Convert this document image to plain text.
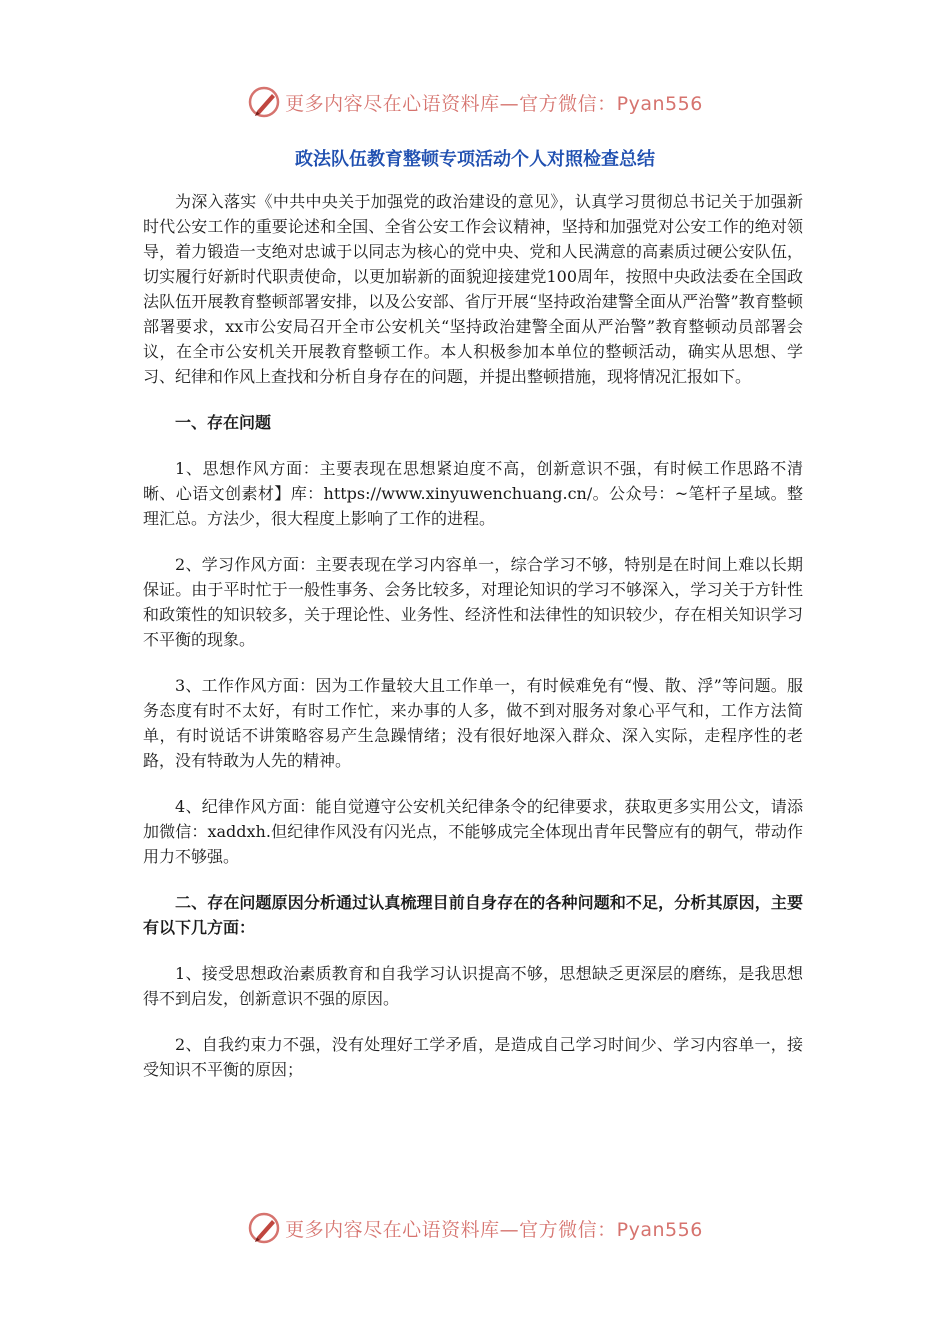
更多内容尽在心语资料库—官方微信：Pyan556
政法队伍教育整顿专项活动个人对照检查总结

为深入落实《中共中央关于加强党的政治建设的意见》，认真学习贯彻总书记关于加强新时代公安工作的重要论述和全国、全省公安工作会议精神，坚持和加强党对公安工作的绝对领导，着力锻造一支绝对忠诚于以同志为核心的党中央、党和人民满意的高素质过硬公安队伍，切实履行好新时代职责使命，以更加崭新的面貌迎接建党100周年，按照中央政法委在全国政法队伍开展教育整顿部署安排，以及公安部、省厅开展“坚持政治建警全面从严治警”教育整顿部署要求，xx市公安局召开全市公安机关“坚持政治建警全面从严治警”教育整顿动员部署会议，在全市公安机关开展教育整顿工作。本人积极参加本单位的整顿活动，确实从思想、学习、纪律和作风上查找和分析自身存在的问题，并提出整顿措施，现将情况汇报如下。

一、存在问题

1、思想作风方面：主要表现在思想紧迫度不高，创新意识不强，有时候工作思路不清晰、心语文创素材】库：https://www.xinyuwenchuang.cn/。公众号：~笔杆子星域。整理汇总。方法少，很大程度上影响了工作的进程。

2、学习作风方面：主要表现在学习内容单一，综合学习不够，特别是在时间上难以长期保证。由于平时忙于一般性事务、会务比较多，对理论知识的学习不够深入，学习关于方针性和政策性的知识较多，关于理论性、业务性、经济性和法律性的知识较少，存在相关知识学习不平衡的现象。

3、工作作风方面：因为工作量较大且工作单一，有时候难免有“慢、散、浮”等问题。服务态度有时不太好，有时工作忙，来办事的人多，做不到对服务对象心平气和，工作方法简单，有时说话不讲策略容易产生急躁情绪；没有很好地深入群众、深入实际，走程序性的老路，没有特敢为人先的精神。

4、纪律作风方面：能自觉遵守公安机关纪律条令的纪律要求，获取更多实用公文，请添加微信：xaddxh.但纪律作风没有闪光点，不能够成完全体现出青年民警应有的朝气，带动作用力不够强。

二、存在问题原因分析通过认真梳理目前自身存在的各种问题和不足，分析其原因，主要有以下几方面：

1、接受思想政治素质教育和自我学习认识提高不够，思想缺乏更深层的磨练，是我思想得不到启发，创新意识不强的原因。

2、自我约束力不强，没有处理好工学矛盾，是造成自己学习时间少、学习内容单一，接受知识不平衡的原因；

更多内容尽在心语资料库—官方微信：Pyan556
